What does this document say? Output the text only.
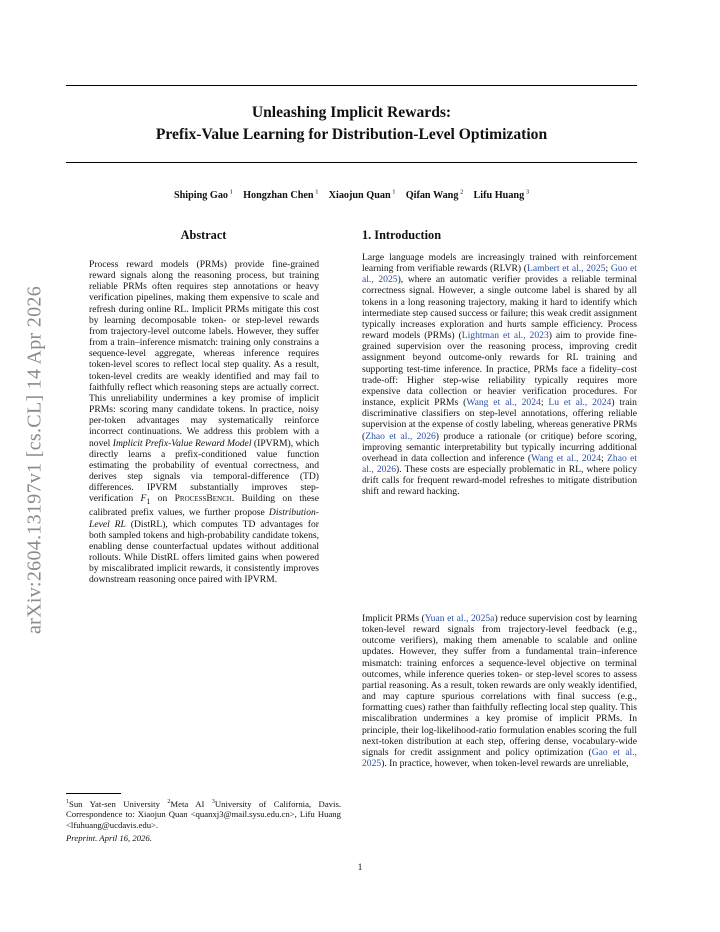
arXiv:2604.13197v1 [cs.CL] 14 Apr 2026
Unleashing Implicit Rewards:
Prefix-Value Learning for Distribution-Level Optimization
Shiping Gao $^1$  Hongzhan Chen $^1$  Xiaojun Quan $^1$  Qifan Wang $^2$  Lifu Huang $^3$
Abstract

Process reward models (PRMs) provide fine-grained reward signals along the reasoning process, but training reliable PRMs often requires step annotations or heavy verification pipelines, making them expensive to scale and refresh during online RL. Implicit PRMs mitigate this cost by learning decomposable token- or step-level rewards from trajectory-level outcome labels. However, they suffer from a train–inference mismatch: training only constrains a sequence-level aggregate, whereas inference requires token-level scores to reflect local step quality. As a result, token-level credits are weakly identified and may fail to faithfully reflect which reasoning steps are actually correct. This unreliability undermines a key promise of implicit PRMs: scoring many candidate tokens. In practice, noisy per-token advantages may systematically reinforce incorrect continuations. We address this problem with a novel Implicit Prefix-Value Reward Model (IPVRM), which directly learns a prefix-conditioned value function estimating the probability of eventual correctness, and derives step signals via temporal-difference (TD) differences. IPVRM substantially improves step-verification $F_1$ on ProcessBench. Building on these calibrated prefix values, we further propose Distribution-Level RL (DistRL), which computes TD advantages for both sampled tokens and high-probability candidate tokens, enabling dense counterfactual updates without additional rollouts. While DistRL offers limited gains when powered by miscalibrated implicit rewards, it consistently improves downstream reasoning once paired with IPVRM.

1. Introduction

Large language models are increasingly trained with reinforcement learning from verifiable rewards (RLVR) (Lambert et al., 2025; Guo et al., 2025), where an automatic verifier provides a reliable terminal correctness signal. However, a single outcome label is shared by all tokens in a long reasoning trajectory, making it hard to identify which intermediate step caused success or failure; this weak credit assignment typically increases exploration and hurts sample efficiency. Process reward models (PRMs) (Lightman et al., 2023) aim to provide fine-grained supervision over the reasoning process, improving credit assignment beyond outcome-only rewards for RL training and supporting test-time inference. In practice, PRMs face a fidelity–cost trade-off: Higher step-wise reliability typically requires more expensive data collection or heavier verification procedures. For instance, explicit PRMs (Wang et al., 2024; Lu et al., 2024) train discriminative classifiers on step-level annotations, offering reliable supervision at the expense of costly labeling, whereas generative PRMs (Zhao et al., 2026) produce a rationale (or critique) before scoring, improving semantic interpretability but typically incurring additional overhead in data collection and inference (Wang et al., 2024; Zhao et al., 2026). These costs are especially problematic in RL, where policy drift calls for frequent reward-model refreshes to mitigate distribution shift and reward hacking.

Implicit PRMs (Yuan et al., 2025a) reduce supervision cost by learning token-level reward signals from trajectory-level feedback (e.g., outcome verifiers), making them amenable to scalable and online updates. However, they suffer from a fundamental train–inference mismatch: training enforces a sequence-level objective on terminal outcomes, while inference queries token- or step-level scores to assess partial reasoning. As a result, token rewards are only weakly identified, and may capture spurious correlations with final success (e.g., formatting cues) rather than faithfully reflecting local step quality. This miscalibration undermines a key promise of implicit PRMs. In principle, their log-likelihood-ratio formulation enables scoring the full next-token distribution at each step, offering dense, vocabulary-wide signals for credit assignment and policy optimization (Gao et al., 2025). In practice, however, when token-level rewards are unreliable,

$^1$Sun Yat-sen University $^2$Meta AI $^3$University of California, Davis. Correspondence to: Xiaojun Quan <quanxj3@mail.sysu.edu.cn>, Lifu Huang <lfuhuang@ucdavis.edu>.
Preprint. April 16, 2026.
1
